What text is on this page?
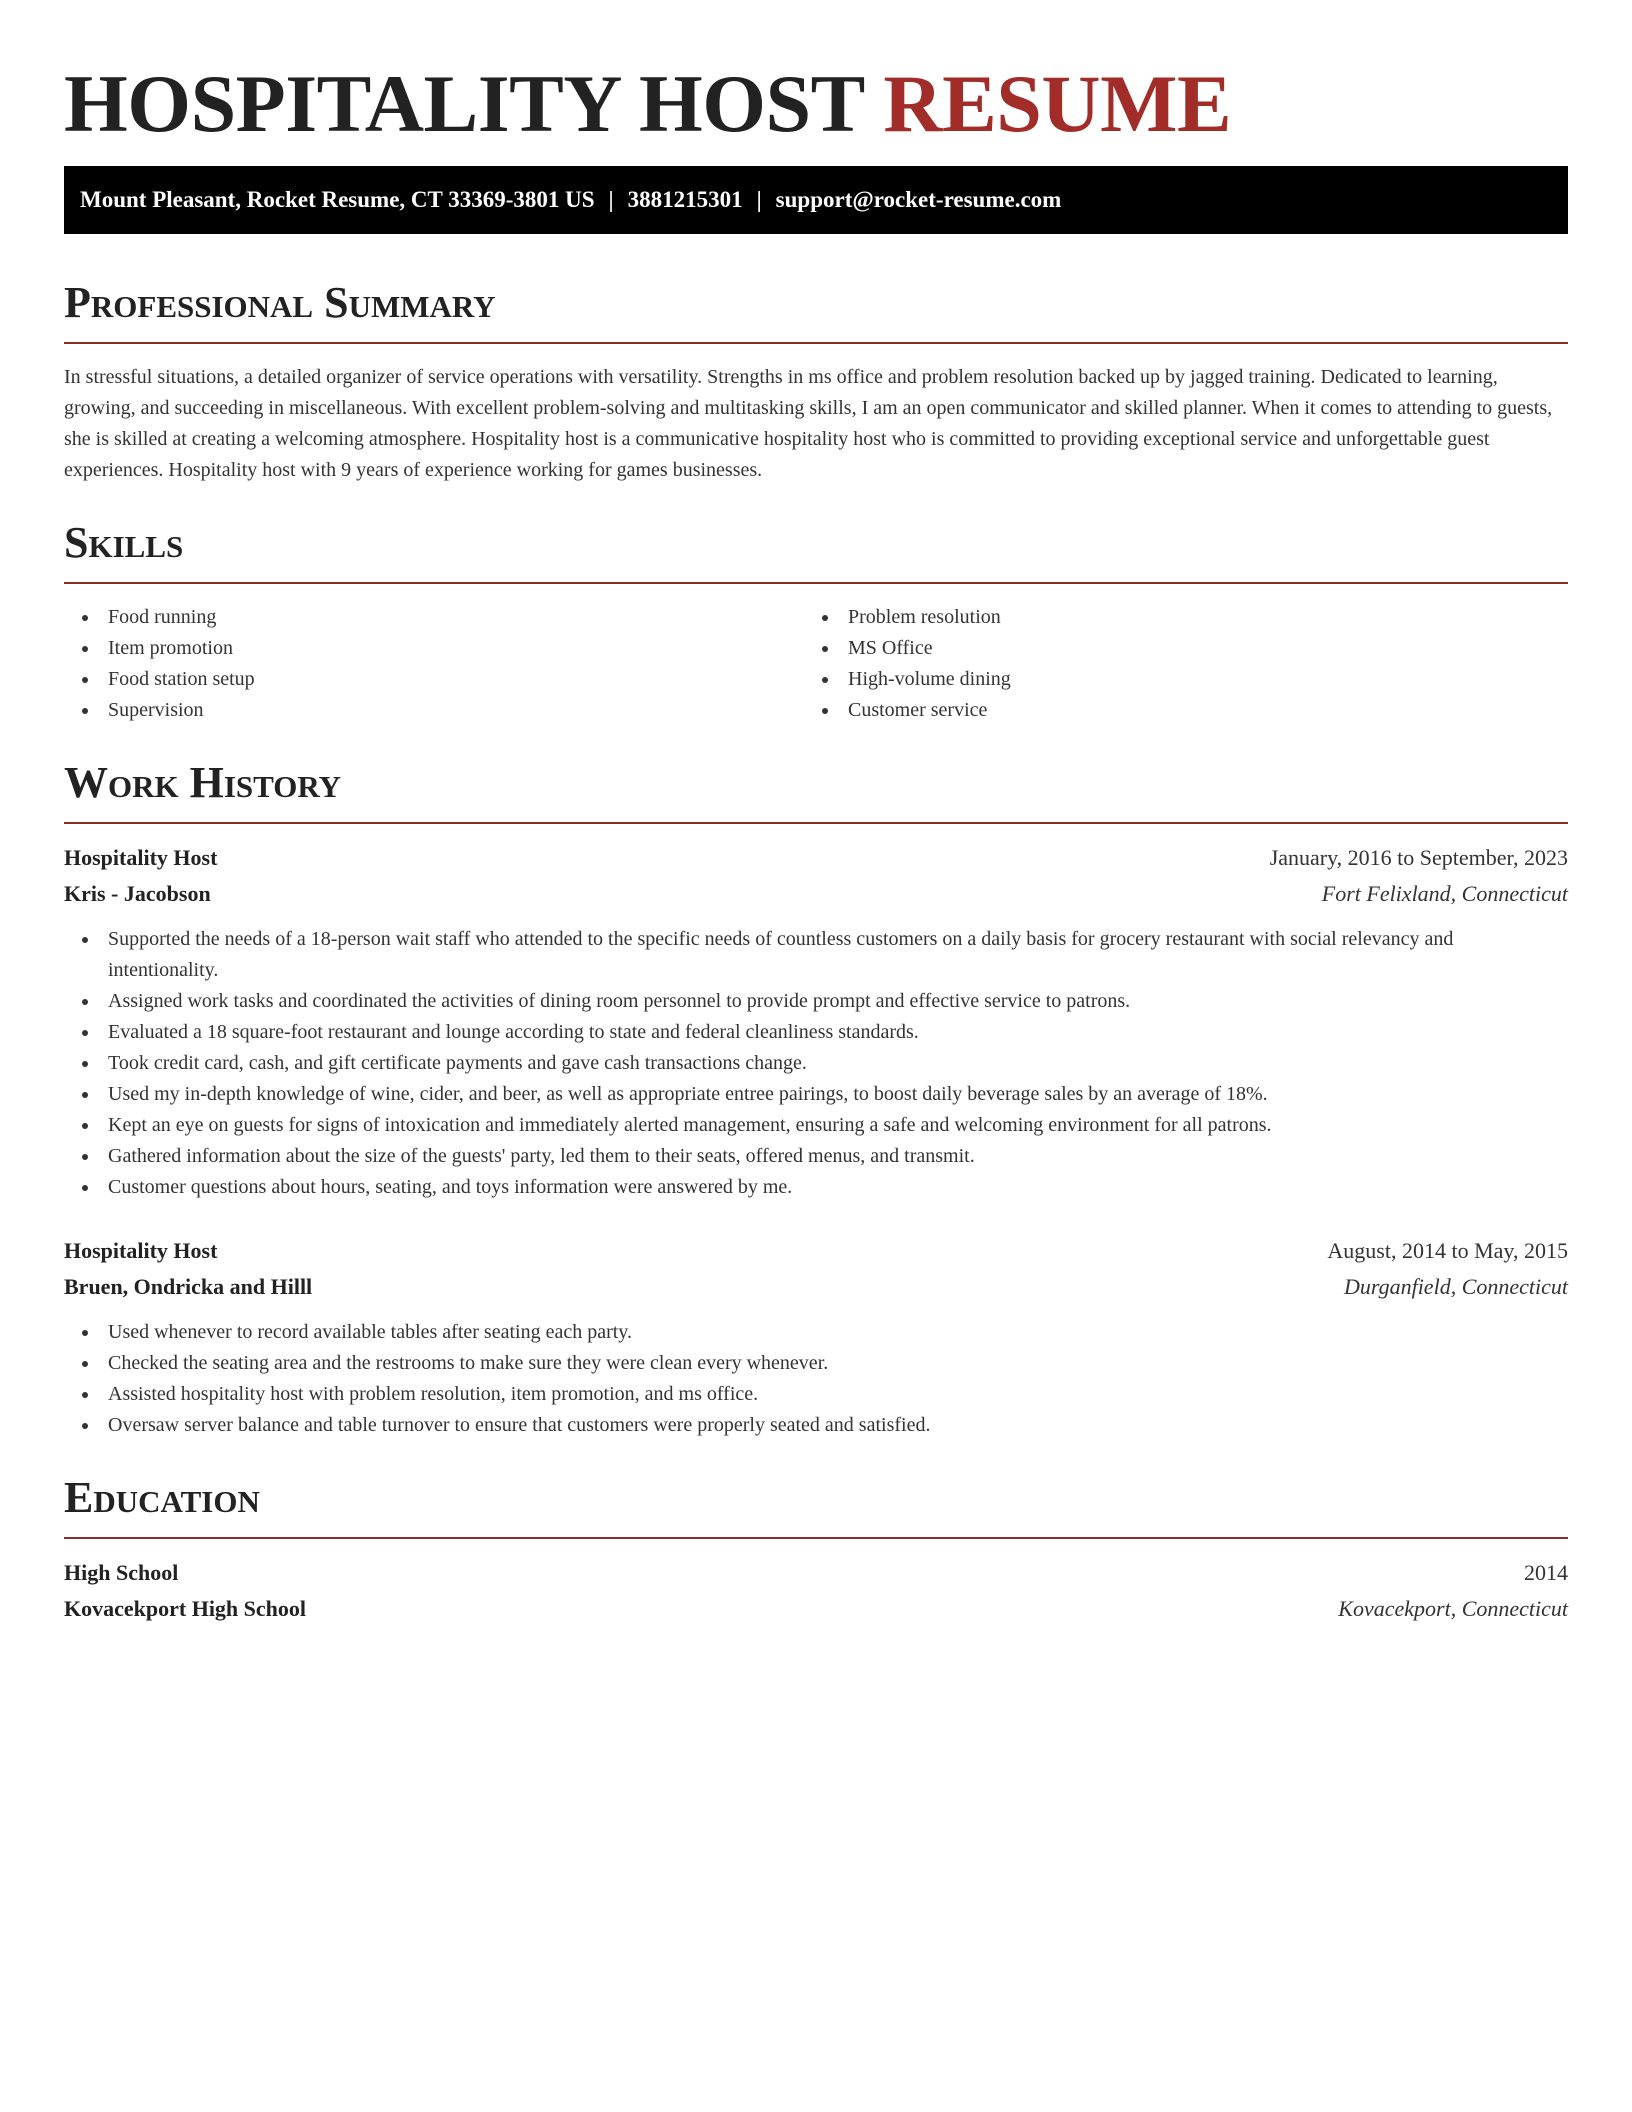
HOSPITALITY HOST RESUME
Mount Pleasant, Rocket Resume, CT 33369-3801 US | 3881215301 | support@rocket-resume.com
Professional Summary

In stressful situations, a detailed organizer of service operations with versatility. Strengths in ms office and problem resolution backed up by jagged training. Dedicated to learning, growing, and succeeding in miscellaneous. With excellent problem-solving and multitasking skills, I am an open communicator and skilled planner. When it comes to attending to guests, she is skilled at creating a welcoming atmosphere. Hospitality host is a communicative hospitality host who is committed to providing exceptional service and unforgettable guest experiences. Hospitality host with 9 years of experience working for games businesses.

Skills
Food running
Item promotion
Food station setup
Supervision
Problem resolution
MS Office
High-volume dining
Customer service
Work History
Hospitality Host	January, 2016 to September, 2023
Kris - Jacobson	Fort Felixland, Connecticut
Supported the needs of a 18-person wait staff who attended to the specific needs of countless customers on a daily basis for grocery restaurant with social relevancy and intentionality.
Assigned work tasks and coordinated the activities of dining room personnel to provide prompt and effective service to patrons.
Evaluated a 18 square-foot restaurant and lounge according to state and federal cleanliness standards.
Took credit card, cash, and gift certificate payments and gave cash transactions change.
Used my in-depth knowledge of wine, cider, and beer, as well as appropriate entree pairings, to boost daily beverage sales by an average of 18%.
Kept an eye on guests for signs of intoxication and immediately alerted management, ensuring a safe and welcoming environment for all patrons.
Gathered information about the size of the guests' party, led them to their seats, offered menus, and transmit.
Customer questions about hours, seating, and toys information were answered by me.
Hospitality Host	August, 2014 to May, 2015
Bruen, Ondricka and Hilll	Durganfield, Connecticut
Used whenever to record available tables after seating each party.
Checked the seating area and the restrooms to make sure they were clean every whenever.
Assisted hospitality host with problem resolution, item promotion, and ms office.
Oversaw server balance and table turnover to ensure that customers were properly seated and satisfied.
Education
High School	2014
Kovacekport High School	Kovacekport, Connecticut
